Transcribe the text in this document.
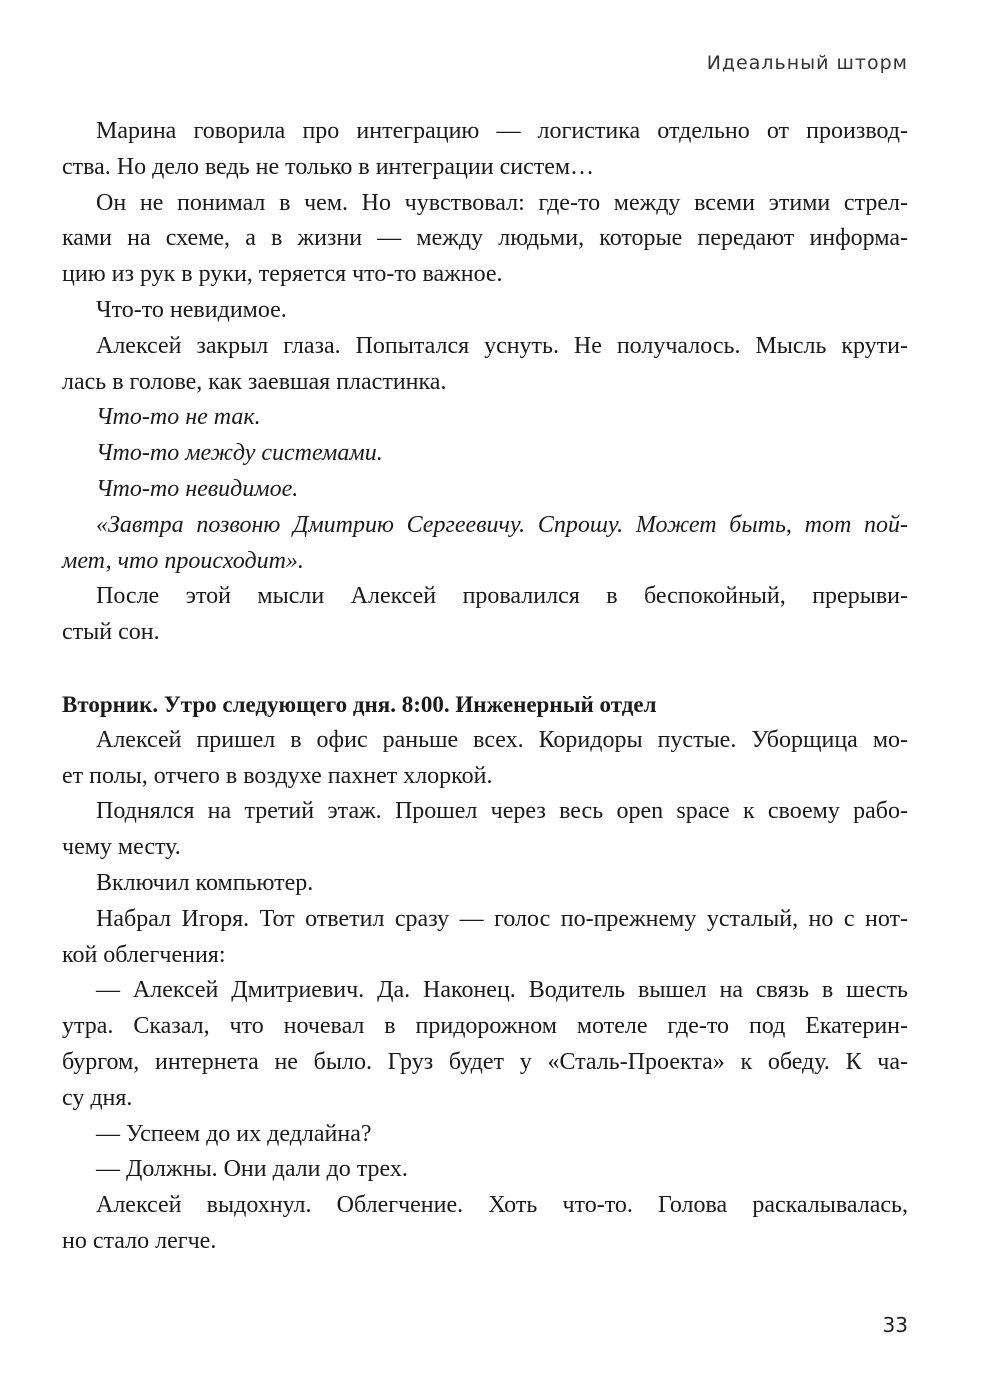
Идеальный шторм

Марина говорила про интеграцию — логистика отдельно от производ-
ства. Но дело ведь не только в интеграции систем…

Он не понимал в чем. Но чувствовал: где-то между всеми этими стрел-
ками на схеме, а в жизни — между людьми, которые передают информа-
цию из рук в руки, теряется что-то важное.

Что-то невидимое.

Алексей закрыл глаза. Попытался уснуть. Не получалось. Мысль крути-
лась в голове, как заевшая пластинка.

Что-то не так.

Что-то между системами.

Что-то невидимое.

«Завтра позвоню Дмитрию Сергеевичу. Спрошу. Может быть, тот пой-
мет, что происходит».

После этой мысли Алексей провалился в беспокойный, прерыви-
стый сон.

Вторник. Утро следующего дня. 8:00. Инженерный отдел

Алексей пришел в офис раньше всех. Коридоры пустые. Уборщица мо-
ет полы, отчего в воздухе пахнет хлоркой.

Поднялся на третий этаж. Прошел через весь open space к своему рабо-
чему месту.

Включил компьютер.

Набрал Игоря. Тот ответил сразу — голос по-прежнему усталый, но с нот-
кой облегчения:

— Алексей Дмитриевич. Да. Наконец. Водитель вышел на связь в шесть
утра. Сказал, что ночевал в придорожном мотеле где-то под Екатерин-
бургом, интернета не было. Груз будет у «Сталь-Проекта» к обеду. К ча-
су дня.

— Успеем до их дедлайна?

— Должны. Они дали до трех.

Алексей выдохнул. Облегчение. Хоть что-то. Голова раскалывалась,
но стало легче.

33
